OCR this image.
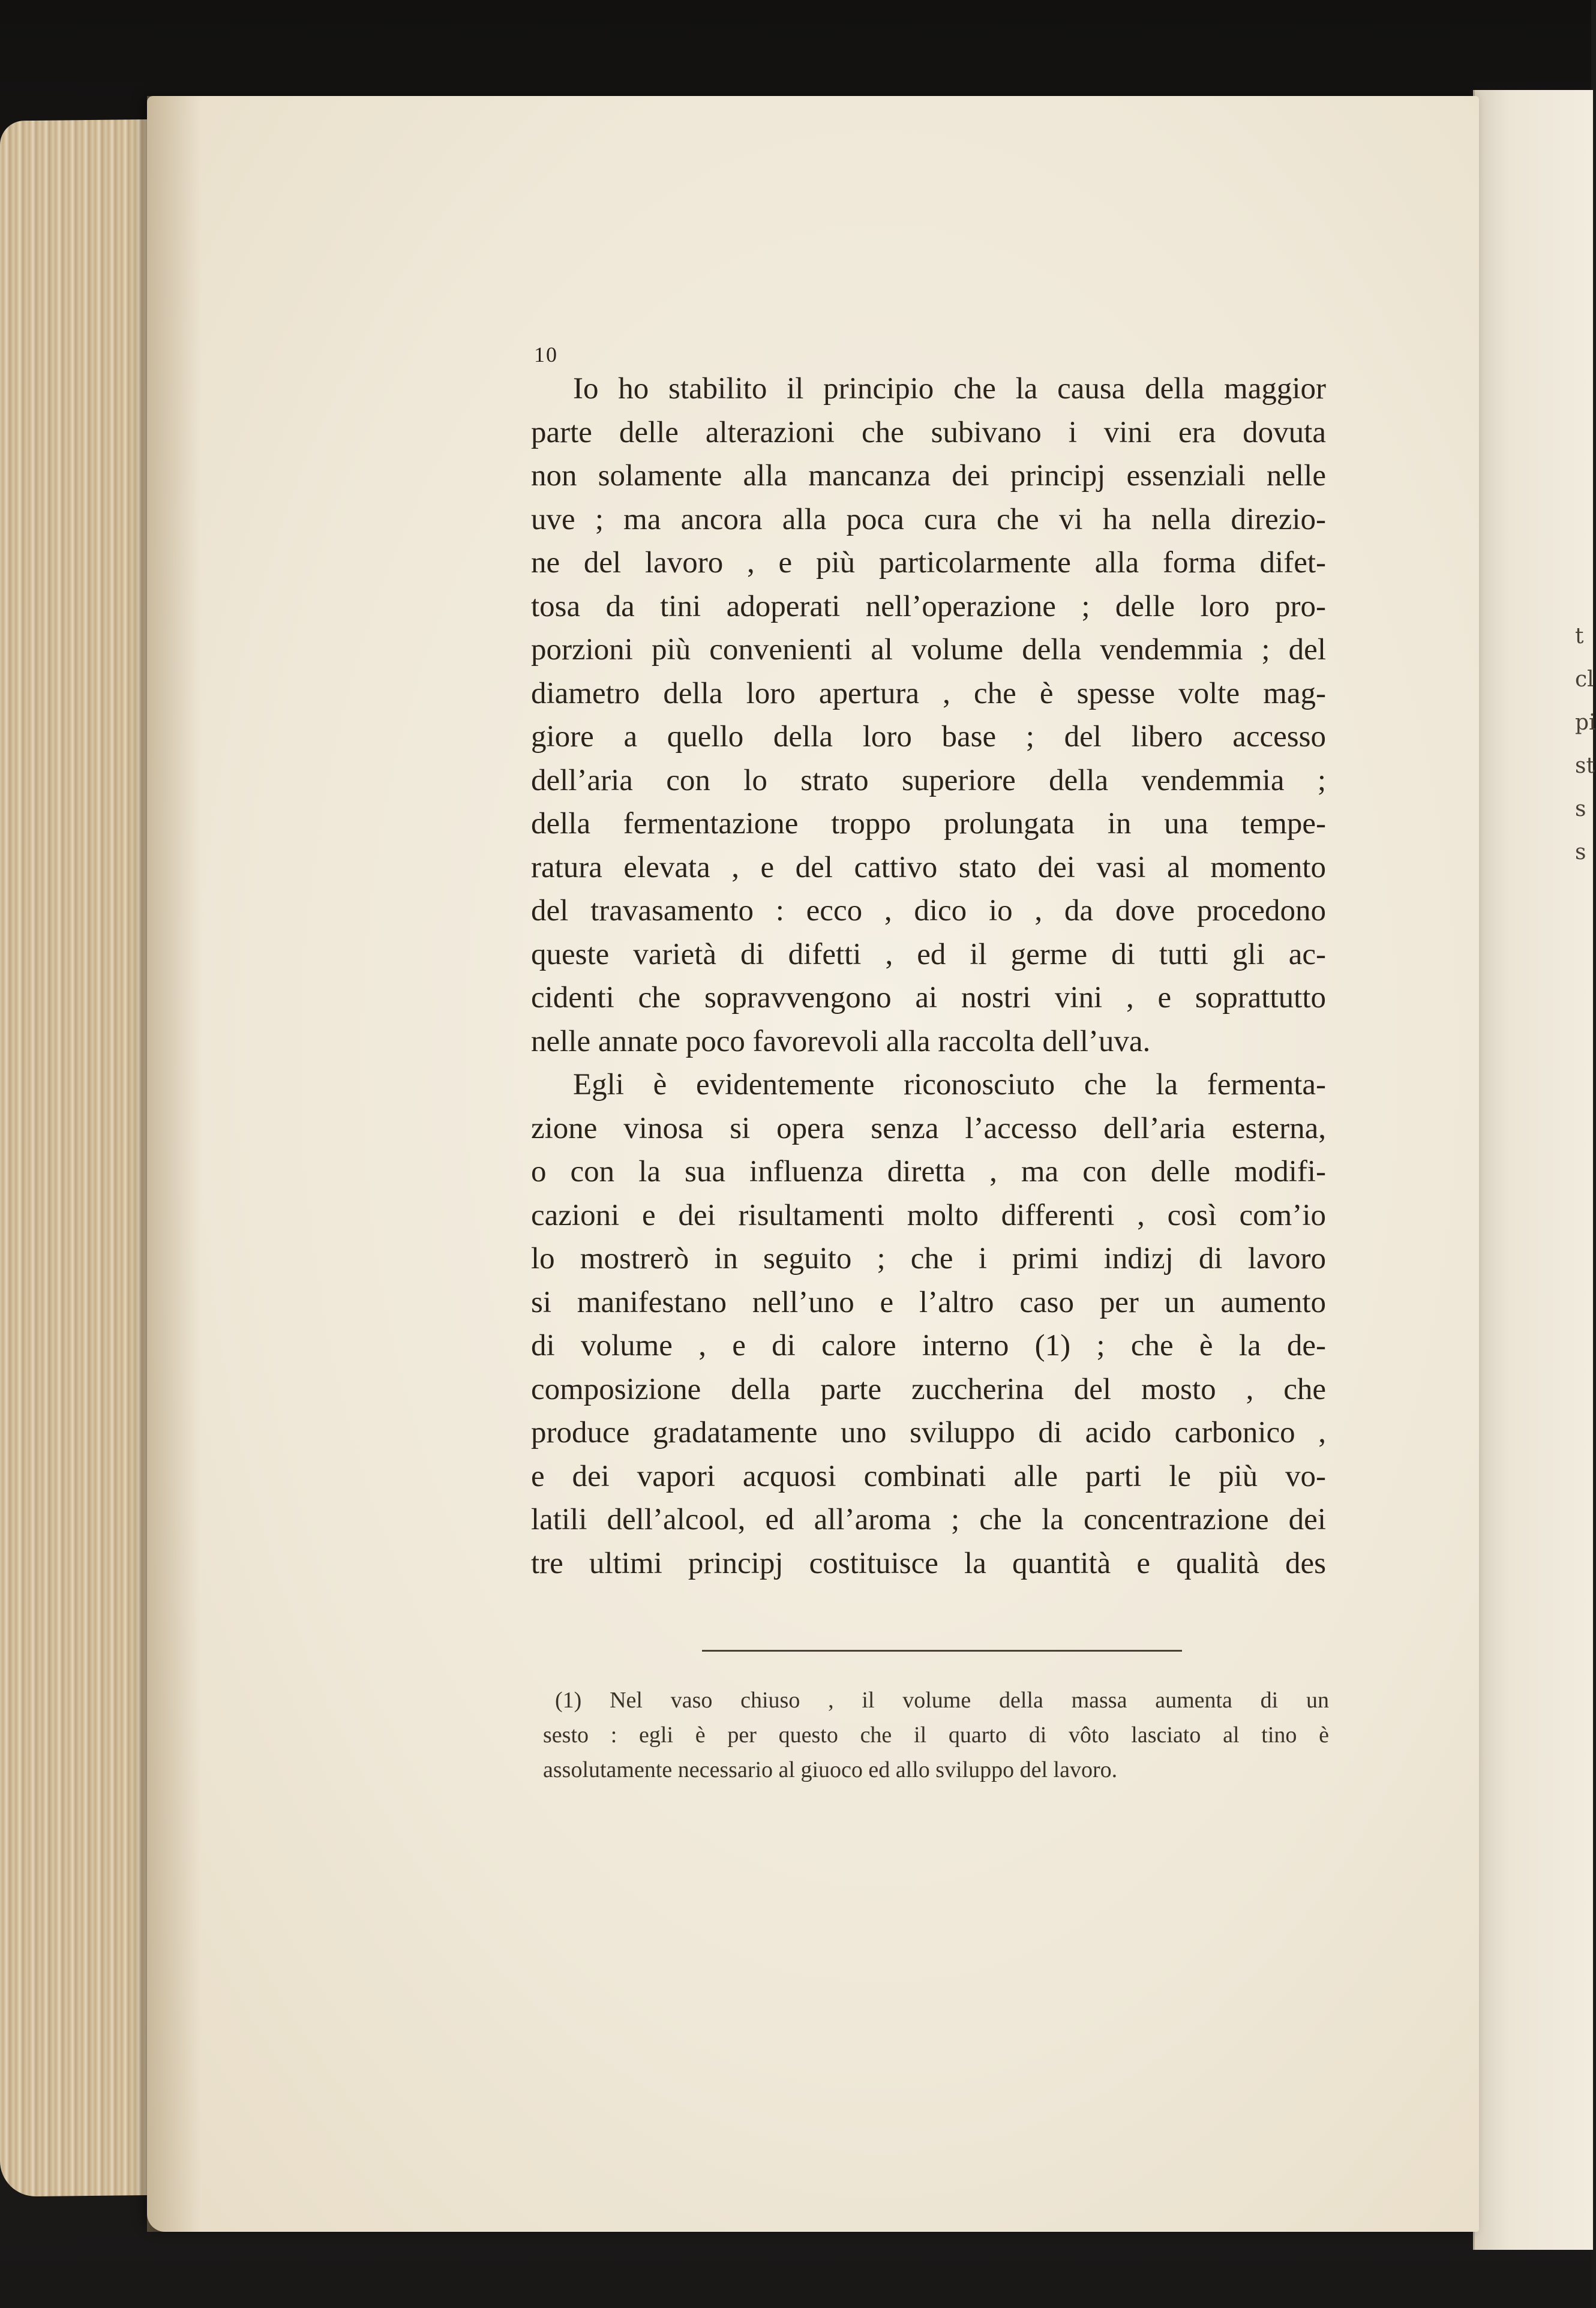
t
cl
pi
st
s
s
10
Io ho stabilito il principio che la causa della maggior
parte delle alterazioni che subivano i vini era dovuta
non solamente alla mancanza dei principj essenziali nelle
uve ; ma ancora alla poca cura che vi ha nella direzio-
ne del lavoro , e più particolarmente alla forma difet-
tosa da tini adoperati nell’operazione ; delle loro pro-
porzioni più convenienti al volume della vendemmia ; del
diametro della loro apertura , che è spesse volte mag-
giore a quello della loro base ; del libero accesso
dell’aria con lo strato superiore della vendemmia ;
della fermentazione troppo prolungata in una tempe-
ratura elevata , e del cattivo stato dei vasi al momento
del travasamento : ecco , dico io , da dove procedono
queste varietà di difetti , ed il germe di tutti gli ac-
cidenti che sopravvengono ai nostri vini , e soprattutto
nelle annate poco favorevoli alla raccolta dell’uva.
Egli è evidentemente riconosciuto che la fermenta-
zione vinosa si opera senza l’accesso dell’aria esterna,
o con la sua influenza diretta , ma con delle modifi-
cazioni e dei risultamenti molto differenti , così com’io
lo mostrerò in seguito ; che i primi indizj di lavoro
si manifestano nell’uno e l’altro caso per un aumento
di volume , e di calore interno (1) ; che è la de-
composizione della parte zuccherina del mosto , che
produce gradatamente uno sviluppo di acido carbonico ,
e dei vapori acquosi combinati alle parti le più vo-
latili dell’alcool, ed all’aroma ; che la concentrazione dei
tre ultimi principj costituisce la quantità e qualità des
(1) Nel vaso chiuso , il volume della massa aumenta di un
sesto : egli è per questo che il quarto di vôto lasciato al tino è
assolutamente necessario al giuoco ed allo sviluppo del lavoro.
